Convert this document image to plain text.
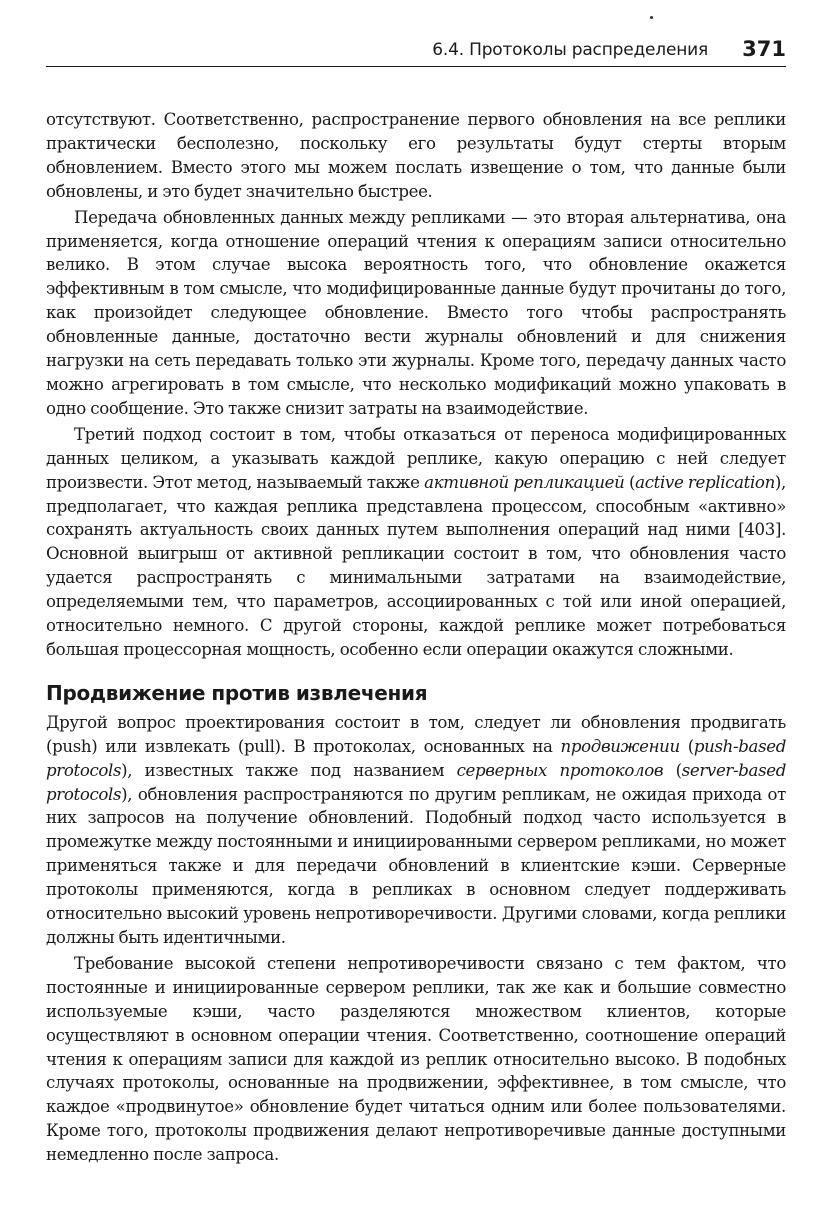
6.4. Протоколы распределения 371

отсутствуют. Соответственно, распространение первого обновления на все реплики практически бесполезно, поскольку его результаты будут стерты вторым обновлением. Вместо этого мы можем послать извещение о том, что данные были обновлены, и это будет значительно быстрее.

Передача обновленных данных между репликами — это вторая альтернатива, она применяется, когда отношение операций чтения к операциям записи относительно велико. В этом случае высока вероятность того, что обновление окажется эффективным в том смысле, что модифицированные данные будут прочитаны до того, как произойдет следующее обновление. Вместо того чтобы распространять обновленные данные, достаточно вести журналы обновлений и для снижения нагрузки на сеть передавать только эти журналы. Кроме того, передачу данных часто можно агрегировать в том смысле, что несколько модификаций можно упаковать в одно сообщение. Это также снизит затраты на взаимодействие.

Третий подход состоит в том, чтобы отказаться от переноса модифицированных данных целиком, а указывать каждой реплике, какую операцию с ней следует произвести. Этот метод, называемый также активной репликацией (active replication), предполагает, что каждая реплика представлена процессом, способным «активно» сохранять актуальность своих данных путем выполнения операций над ними [403]. Основной выигрыш от активной репликации состоит в том, что обновления часто удается распространять с минимальными затратами на взаимодействие, определяемыми тем, что параметров, ассоциированных с той или иной операцией, относительно немного. С другой стороны, каждой реплике может потребоваться большая процессорная мощность, особенно если операции окажутся сложными.

Продвижение против извлечения

Другой вопрос проектирования состоит в том, следует ли обновления продвигать (push) или извлекать (pull). В протоколах, основанных на продвижении (push-based protocols), известных также под названием серверных протоколов (server-based protocols), обновления распространяются по другим репликам, не ожидая прихода от них запросов на получение обновлений. Подобный подход часто используется в промежутке между постоянными и инициированными сервером репликами, но может применяться также и для передачи обновлений в клиентские кэши. Серверные протоколы применяются, когда в репликах в основном следует поддерживать относительно высокий уровень непротиворечивости. Другими словами, когда реплики должны быть идентичными.

Требование высокой степени непротиворечивости связано с тем фактом, что постоянные и инициированные сервером реплики, так же как и большие совместно используемые кэши, часто разделяются множеством клиентов, которые осуществляют в основном операции чтения. Соответственно, соотношение операций чтения к операциям записи для каждой из реплик относительно высоко. В подобных случаях протоколы, основанные на продвижении, эффективнее, в том смысле, что каждое «продвинутое» обновление будет читаться одним или более пользователями. Кроме того, протоколы продвижения делают непротиворечивые данные доступными немедленно после запроса.
